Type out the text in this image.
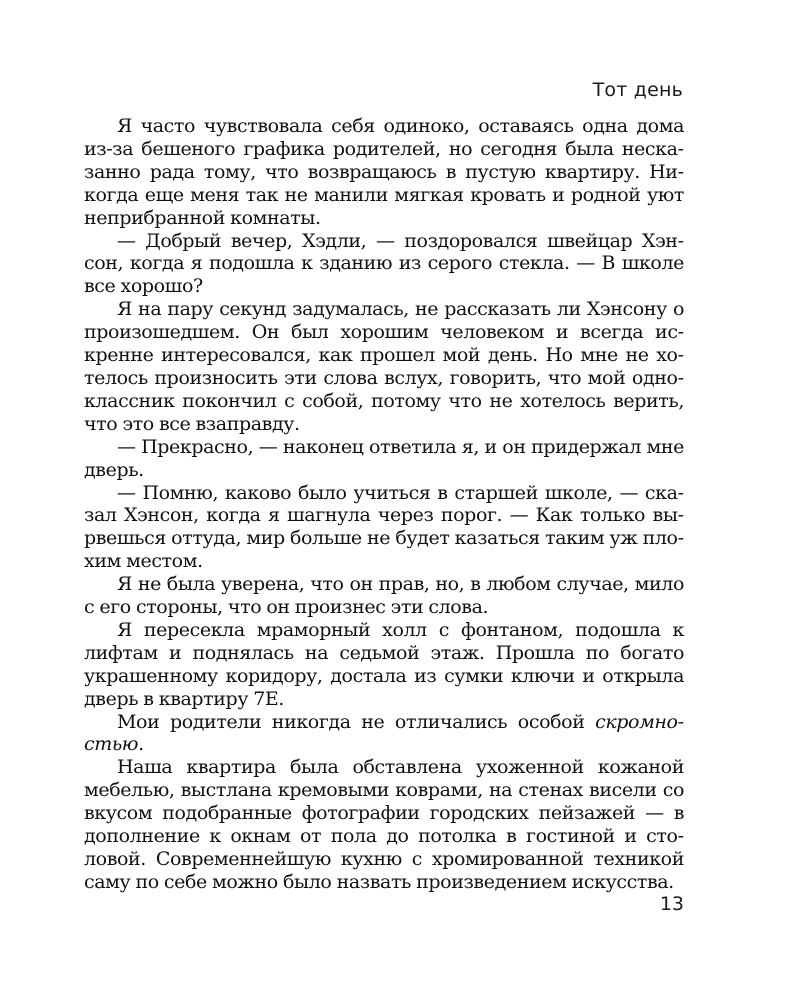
Тот день

Я часто чувствовала себя одиноко, оставаясь одна дома из-за бешеного графика родителей, но сегодня была несказанно рада тому, что возвращаюсь в пустую квартиру. Никогда еще меня так не манили мягкая кровать и родной уют неприбранной комнаты.

— Добрый вечер, Хэдли, — поздоровался швейцар Хэнсон, когда я подошла к зданию из серого стекла. — В школе все хорошо?

Я на пару секунд задумалась, не рассказать ли Хэнсону о произошедшем. Он был хорошим человеком и всегда искренне интересовался, как прошел мой день. Но мне не хотелось произносить эти слова вслух, говорить, что мой одноклассник покончил с собой, потому что не хотелось верить, что это все взаправду.

— Прекрасно, — наконец ответила я, и он придержал мне дверь.

— Помню, каково было учиться в старшей школе, — сказал Хэнсон, когда я шагнула через порог. — Как только вырвешься оттуда, мир больше не будет казаться таким уж плохим местом.

Я не была уверена, что он прав, но, в любом случае, мило с его стороны, что он произнес эти слова.

Я пересекла мраморный холл с фонтаном, подошла к лифтам и поднялась на седьмой этаж. Прошла по богато украшенному коридору, достала из сумки ключи и открыла дверь в квартиру 7Е.

Мои родители никогда не отличались особой скромностью.

Наша квартира была обставлена ухоженной кожаной мебелью, выстлана кремовыми коврами, на стенах висели со вкусом подобранные фотографии городских пейзажей — в дополнение к окнам от пола до потолка в гостиной и столовой. Современнейшую кухню с хромированной техникой саму по себе можно было назвать произведением искусства.

13
